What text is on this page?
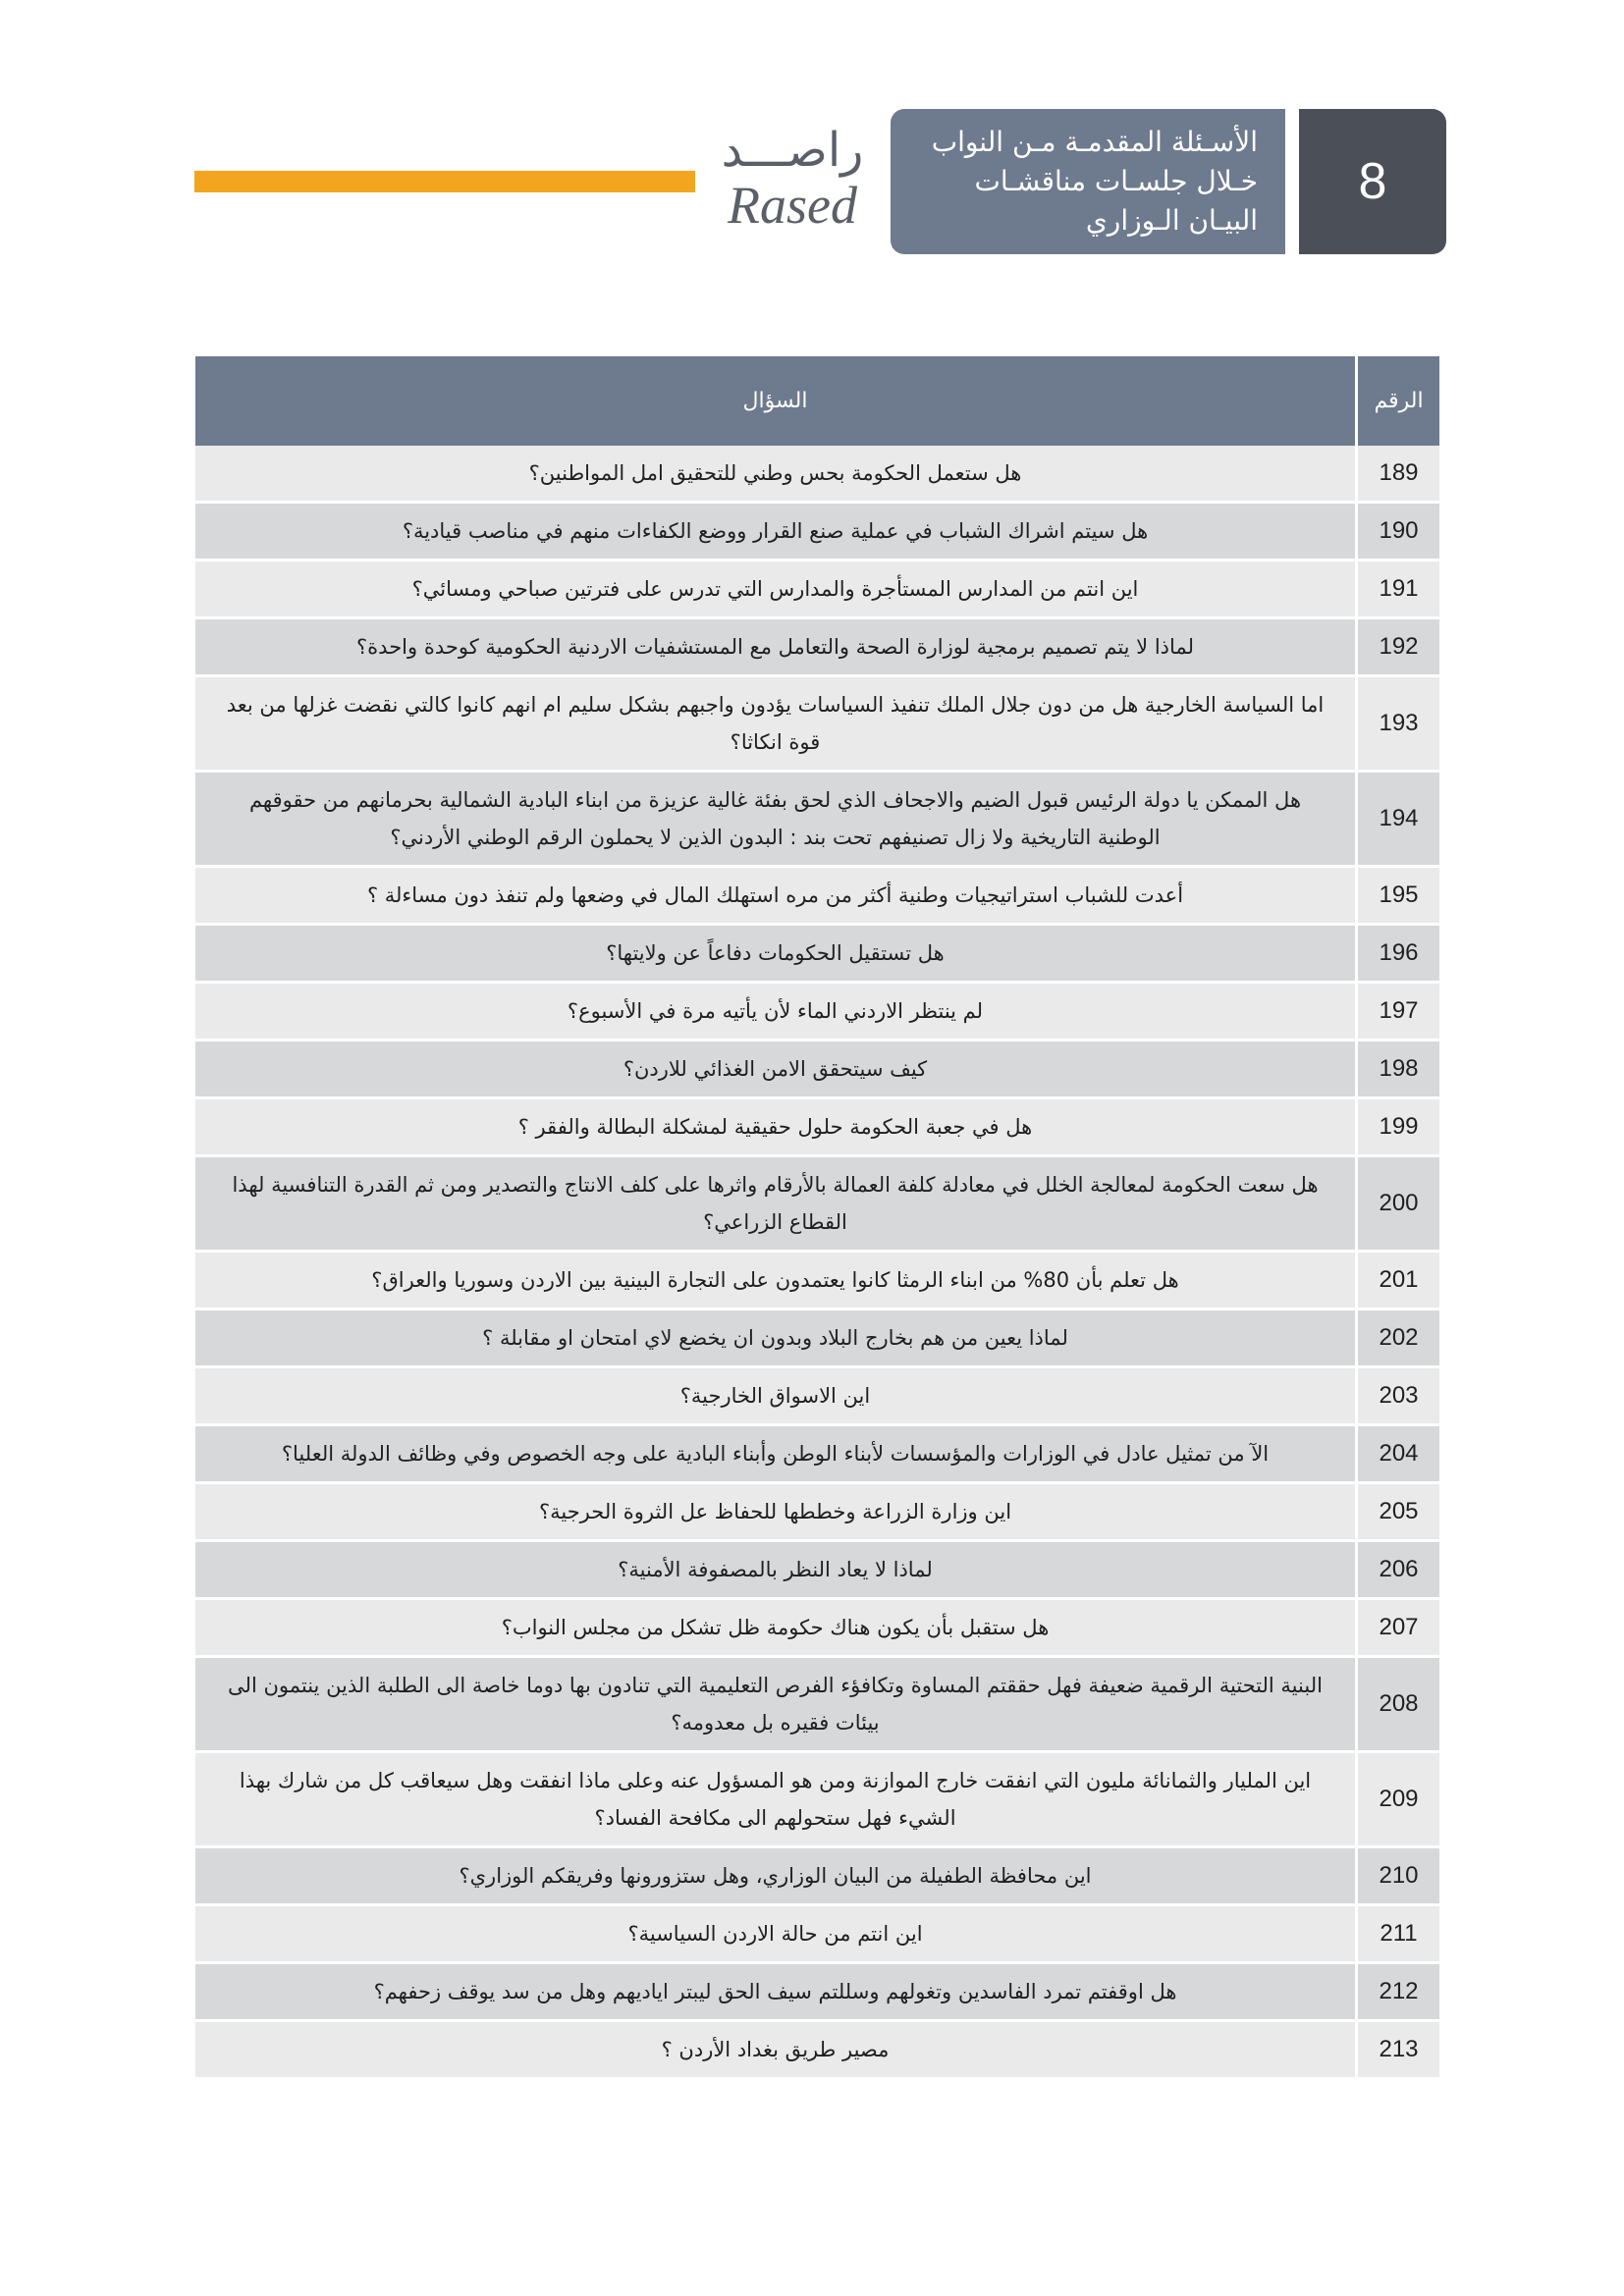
8
الأسـئلة المقدمـة مـن النواب
خـلال جلسـات مناقشـات
البيـان الـوزاري
راصـــد
Rased
الرقم	السؤال
189	هل ستعمل الحكومة بحس وطني للتحقيق امل المواطنين؟
190	هل سيتم اشراك الشباب في عملية صنع القرار ووضع الكفاءات منهم في مناصب قيادية؟
191	اين انتم من المدارس المستأجرة والمدارس التي تدرس على فترتين صباحي ومسائي؟
192	لماذا لا يتم تصميم برمجية لوزارة الصحة والتعامل مع المستشفيات الاردنية الحكومية كوحدة واحدة؟
193	اما السياسة الخارجية هل من دون جلال الملك تنفيذ السياسات يؤدون واجبهم بشكل سليم ام انهم كانوا كالتي نقضت غزلها من بعد قوة انكاثا؟
194	هل الممكن يا دولة الرئيس قبول الضيم والاجحاف الذي لحق بفئة غالية عزيزة من ابناء البادية الشمالية بحرمانهم من حقوقهم الوطنية التاريخية ولا زال تصنيفهم تحت بند : البدون الذين لا يحملون الرقم الوطني الأردني؟
195	أعدت للشباب استراتيجيات وطنية أكثر من مره استهلك المال في وضعها ولم تنفذ دون مساءلة ؟
196	هل تستقيل الحكومات دفاعاً عن ولايتها؟
197	لم ينتظر الاردني الماء لأن يأتيه مرة في الأسبوع؟
198	كيف سيتحقق الامن الغذائي للاردن؟
199	هل في جعبة الحكومة حلول حقيقية لمشكلة البطالة والفقر ؟
200	هل سعت الحكومة لمعالجة الخلل في معادلة كلفة العمالة بالأرقام واثرها على كلف الانتاج والتصدير ومن ثم القدرة التنافسية لهذا القطاع الزراعي؟
201	هل تعلم بأن 80% من ابناء الرمثا كانوا يعتمدون على التجارة البينية بين الاردن وسوريا والعراق؟
202	لماذا يعين من هم بخارج البلاد وبدون ان يخضع لاي امتحان او مقابلة ؟
203	اين الاسواق الخارجية؟
204	الآ من تمثيل عادل في الوزارات والمؤسسات لأبناء الوطن وأبناء البادية على وجه الخصوص وفي وظائف الدولة العليا؟
205	اين وزارة الزراعة وخططها للحفاظ عل الثروة الحرجية؟
206	لماذا لا يعاد النظر بالمصفوفة الأمنية؟
207	هل ستقبل بأن يكون هناك حكومة ظل تشكل من مجلس النواب؟
208	البنية التحتية الرقمية ضعيفة فهل حققتم المساوة وتكافؤء الفرص التعليمية التي تنادون بها دوما خاصة الى الطلبة الذين ينتمون الى بيئات فقيره بل معدومه؟
209	اين المليار والثمانائة مليون التي انفقت خارج الموازنة ومن هو المسؤول عنه وعلى ماذا انفقت وهل سيعاقب كل من شارك بهذا الشيء فهل ستحولهم الى مكافحة الفساد؟
210	اين محافظة الطفيلة من البيان الوزاري، وهل ستزورونها وفريقكم الوزاري؟
211	اين انتم من حالة الاردن السياسية؟
212	هل اوقفتم تمرد الفاسدين وتغولهم وسللتم سيف الحق ليبتر اياديهم وهل من سد يوقف زحفهم؟
213	مصير طريق بغداد الأردن ؟
